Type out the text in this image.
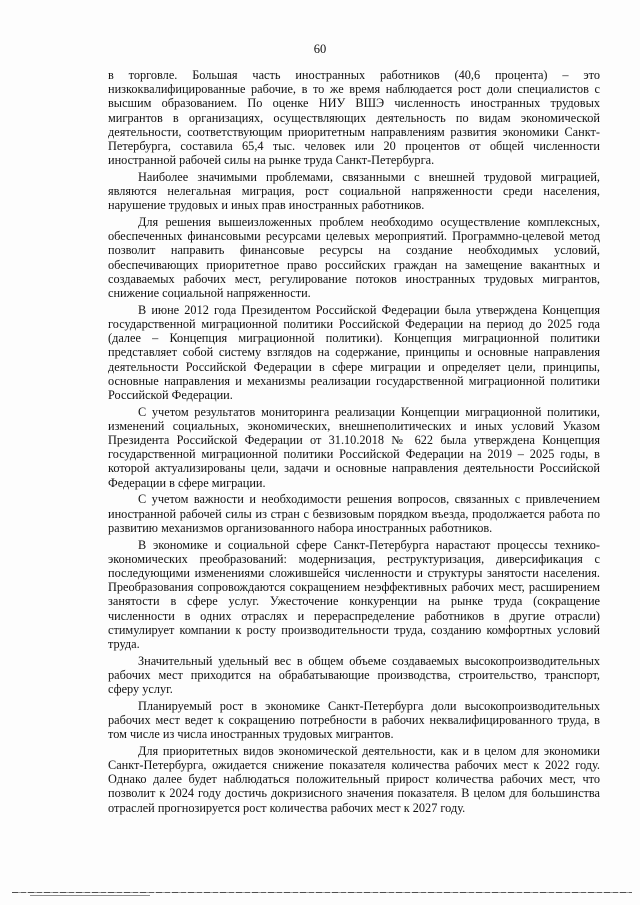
60

в торговле. Большая часть иностранных работников (40,6 процента) – это низкоквалифицированные рабочие, в то же время наблюдается рост доли специалистов с высшим образованием. По оценке НИУ ВШЭ численность иностранных трудовых мигрантов в организациях, осуществляющих деятельность по видам экономической деятельности, соответствующим приоритетным направлениям развития экономики Санкт-Петербурга, составила 65,4 тыс. человек или 20 процентов от общей численности иностранной рабочей силы на рынке труда Санкт-Петербурга.

Наиболее значимыми проблемами, связанными с внешней трудовой миграцией, являются нелегальная миграция, рост социальной напряженности среди населения, нарушение трудовых и иных прав иностранных работников.

Для решения вышеизложенных проблем необходимо осуществление комплексных, обеспеченных финансовыми ресурсами целевых мероприятий. Программно-целевой метод позволит направить финансовые ресурсы на создание необходимых условий, обеспечивающих приоритетное право российских граждан на замещение вакантных и создаваемых рабочих мест, регулирование потоков иностранных трудовых мигрантов, снижение социальной напряженности.

В июне 2012 года Президентом Российской Федерации была утверждена Концепция государственной миграционной политики Российской Федерации на период до 2025 года (далее – Концепция миграционной политики). Концепция миграционной политики представляет собой систему взглядов на содержание, принципы и основные направления деятельности Российской Федерации в сфере миграции и определяет цели, принципы, основные направления и механизмы реализации государственной миграционной политики Российской Федерации.

С учетом результатов мониторинга реализации Концепции миграционной политики, изменений социальных, экономических, внешнеполитических и иных условий Указом Президента Российской Федерации от 31.10.2018 № 622 была утверждена Концепция государственной миграционной политики Российской Федерации на 2019 – 2025 годы, в которой актуализированы цели, задачи и основные направления деятельности Российской Федерации в сфере миграции.

С учетом важности и необходимости решения вопросов, связанных с привлечением иностранной рабочей силы из стран с безвизовым порядком въезда, продолжается работа по развитию механизмов организованного набора иностранных работников.

В экономике и социальной сфере Санкт-Петербурга нарастают процессы технико-экономических преобразований: модернизация, реструктуризация, диверсификация с последующими изменениями сложившейся численности и структуры занятости населения. Преобразования сопровождаются сокращением неэффективных рабочих мест, расширением занятости в сфере услуг. Ужесточение конкуренции на рынке труда (сокращение численности в одних отраслях и перераспределение работников в другие отрасли) стимулирует компании к росту производительности труда, созданию комфортных условий труда.

Значительный удельный вес в общем объеме создаваемых высокопроизводительных рабочих мест приходится на обрабатывающие производства, строительство, транспорт, сферу услуг.

Планируемый рост в экономике Санкт-Петербурга доли высокопроизводительных рабочих мест ведет к сокращению потребности в рабочих неквалифицированного труда, в том числе из числа иностранных трудовых мигрантов.

Для приоритетных видов экономической деятельности, как и в целом для экономики Санкт-Петербурга, ожидается снижение показателя количества рабочих мест к 2022 году. Однако далее будет наблюдаться положительный прирост количества рабочих мест, что позволит к 2024 году достичь докризисного значения показателя. В целом для большинства отраслей прогнозируется рост количества рабочих мест к 2027 году.
